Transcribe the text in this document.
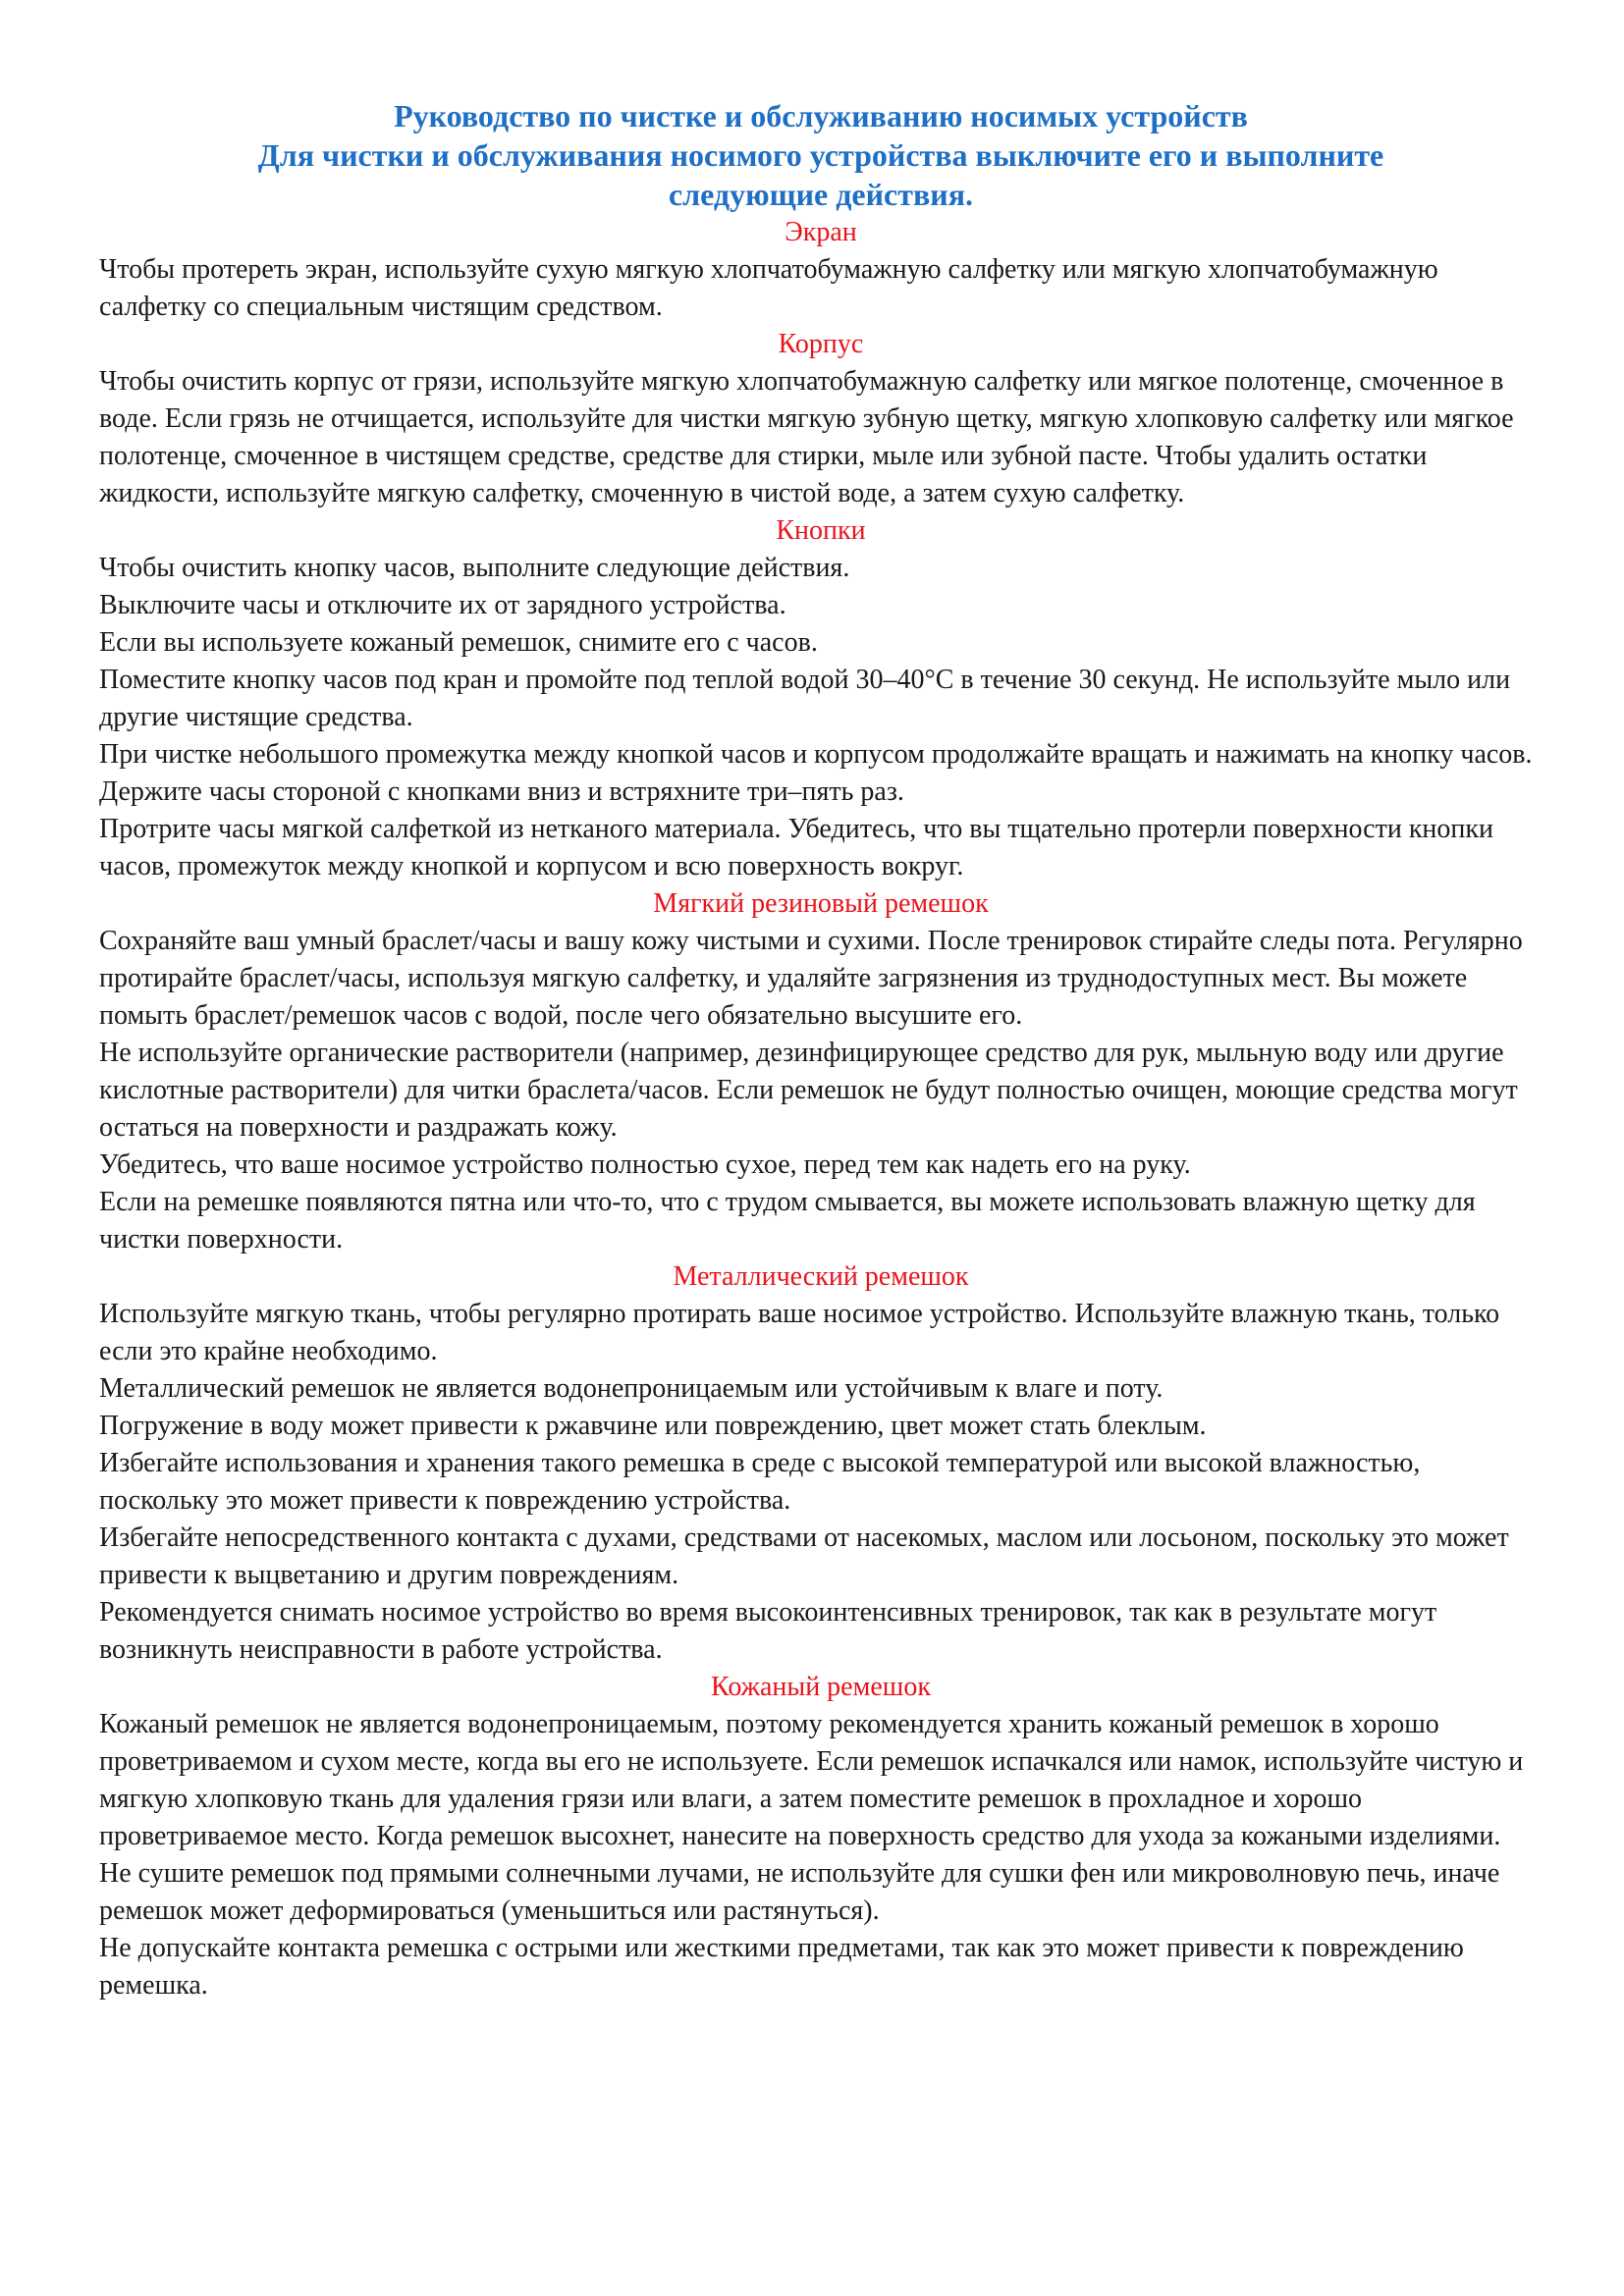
Руководство по чистке и обслуживанию носимых устройств
Для чистки и обслуживания носимого устройства выключите его и выполните
следующие действия.
Экран

Чтобы протереть экран, используйте сухую мягкую хлопчатобумажную салфетку или мягкую хлопчатобумажную салфетку со специальным чистящим средством.

Корпус

Чтобы очистить корпус от грязи, используйте мягкую хлопчатобумажную салфетку или мягкое полотенце, смоченное в воде. Если грязь не отчищается, используйте для чистки мягкую зубную щетку, мягкую хлопковую салфетку или мягкое полотенце, смоченное в чистящем средстве, средстве для стирки, мыле или зубной пасте. Чтобы удалить остатки жидкости, используйте мягкую салфетку, смоченную в чистой воде, а затем сухую салфетку.

Кнопки

Чтобы очистить кнопку часов, выполните следующие действия.

Выключите часы и отключите их от зарядного устройства.

Если вы используете кожаный ремешок, снимите его с часов.

Поместите кнопку часов под кран и промойте под теплой водой 30–40°C в течение 30 секунд. Не используйте мыло или другие чистящие средства.

При чистке небольшого промежутка между кнопкой часов и корпусом продолжайте вращать и нажимать на кнопку часов. Держите часы стороной с кнопками вниз и встряхните три–пять раз.

Протрите часы мягкой салфеткой из нетканого материала. Убедитесь, что вы тщательно протерли поверхности кнопки часов, промежуток между кнопкой и корпусом и всю поверхность вокруг.

Мягкий резиновый ремешок

Сохраняйте ваш умный браслет/часы и вашу кожу чистыми и сухими. После тренировок стирайте следы пота. Регулярно протирайте браслет/часы, используя мягкую салфетку, и удаляйте загрязнения из труднодоступных мест. Вы можете помыть браслет/ремешок часов с водой, после чего обязательно высушите его.

Не используйте органические растворители (например, дезинфицирующее средство для рук, мыльную воду или другие кислотные растворители) для читки браслета/часов. Если ремешок не будут полностью очищен, моющие средства могут остаться на поверхности и раздражать кожу.

Убедитесь, что ваше носимое устройство полностью сухое, перед тем как надеть его на руку.

Если на ремешке появляются пятна или что-то, что с трудом смывается, вы можете использовать влажную щетку для чистки поверхности.

Металлический ремешок

Используйте мягкую ткань, чтобы регулярно протирать ваше носимое устройство. Используйте влажную ткань, только если это крайне необходимо.

Металлический ремешок не является водонепроницаемым или устойчивым к влаге и поту.

Погружение в воду может привести к ржавчине или повреждению, цвет может стать блеклым.

Избегайте использования и хранения такого ремешка в среде с высокой температурой или высокой влажностью, поскольку это может привести к повреждению устройства.

Избегайте непосредственного контакта с духами, средствами от насекомых, маслом или лосьоном, поскольку это может привести к выцветанию и другим повреждениям.

Рекомендуется снимать носимое устройство во время высокоинтенсивных тренировок, так как в результате могут возникнуть неисправности в работе устройства.

Кожаный ремешок

Кожаный ремешок не является водонепроницаемым, поэтому рекомендуется хранить кожаный ремешок в хорошо проветриваемом и сухом месте, когда вы его не используете. Если ремешок испачкался или намок, используйте чистую и мягкую хлопковую ткань для удаления грязи или влаги, а затем поместите ремешок в прохладное и хорошо проветриваемое место. Когда ремешок высохнет, нанесите на поверхность средство для ухода за кожаными изделиями.

Не сушите ремешок под прямыми солнечными лучами, не используйте для сушки фен или микроволновую печь, иначе ремешок может деформироваться (уменьшиться или растянуться).

Не допускайте контакта ремешка с острыми или жесткими предметами, так как это может привести к повреждению ремешка.
